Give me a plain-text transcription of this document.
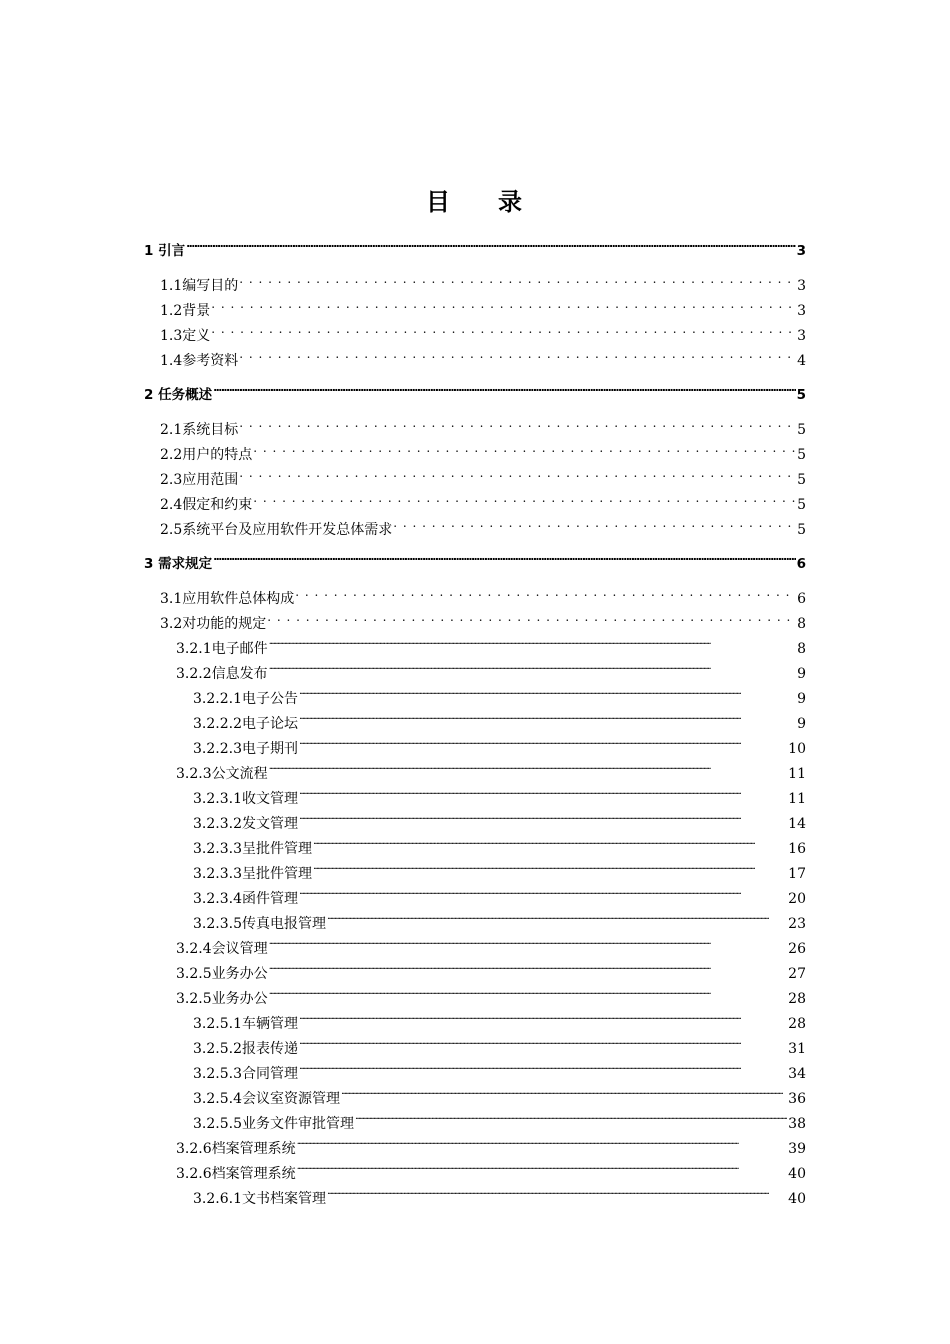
目 录
1 引言 .....	3
1.1编写目的 .....	3
1.2背景 .....	3
1.3定义 .....	3
1.4参考资料 .....	4
2 任务概述 .....	5
2.1系统目标 .....	5
2.2用户的特点 .....	5
2.3应用范围 .....	5
2.4假定和约束 .....	5
2.5系统平台及应用软件开发总体需求 .....	5
3 需求规定 .....	6
3.1应用软件总体构成 .....	6
3.2对功能的规定 .....	8
3.2.1电子邮件 .....	8
3.2.2信息发布 .....	9
3.2.2.1电子公告 .....	9
3.2.2.2电子论坛 .....	9
3.2.2.3电子期刊 .....	10
3.2.3公文流程 .....	11
3.2.3.1收文管理 .....	11
3.2.3.2发文管理 .....	14
3.2.3.3呈批件管理 .....	16
3.2.3.3呈批件管理 .....	17
3.2.3.4函件管理 .....	20
3.2.3.5传真电报管理 .....	23
3.2.4会议管理 .....	26
3.2.5业务办公 .....	27
3.2.5业务办公 .....	28
3.2.5.1车辆管理 .....	28
3.2.5.2报表传递 .....	31
3.2.5.3合同管理 .....	34
3.2.5.4会议室资源管理 .....	36
3.2.5.5业务文件审批管理 .....	38
3.2.6档案管理系统 .....	39
3.2.6档案管理系统 .....	40
3.2.6.1文书档案管理 .....	40
